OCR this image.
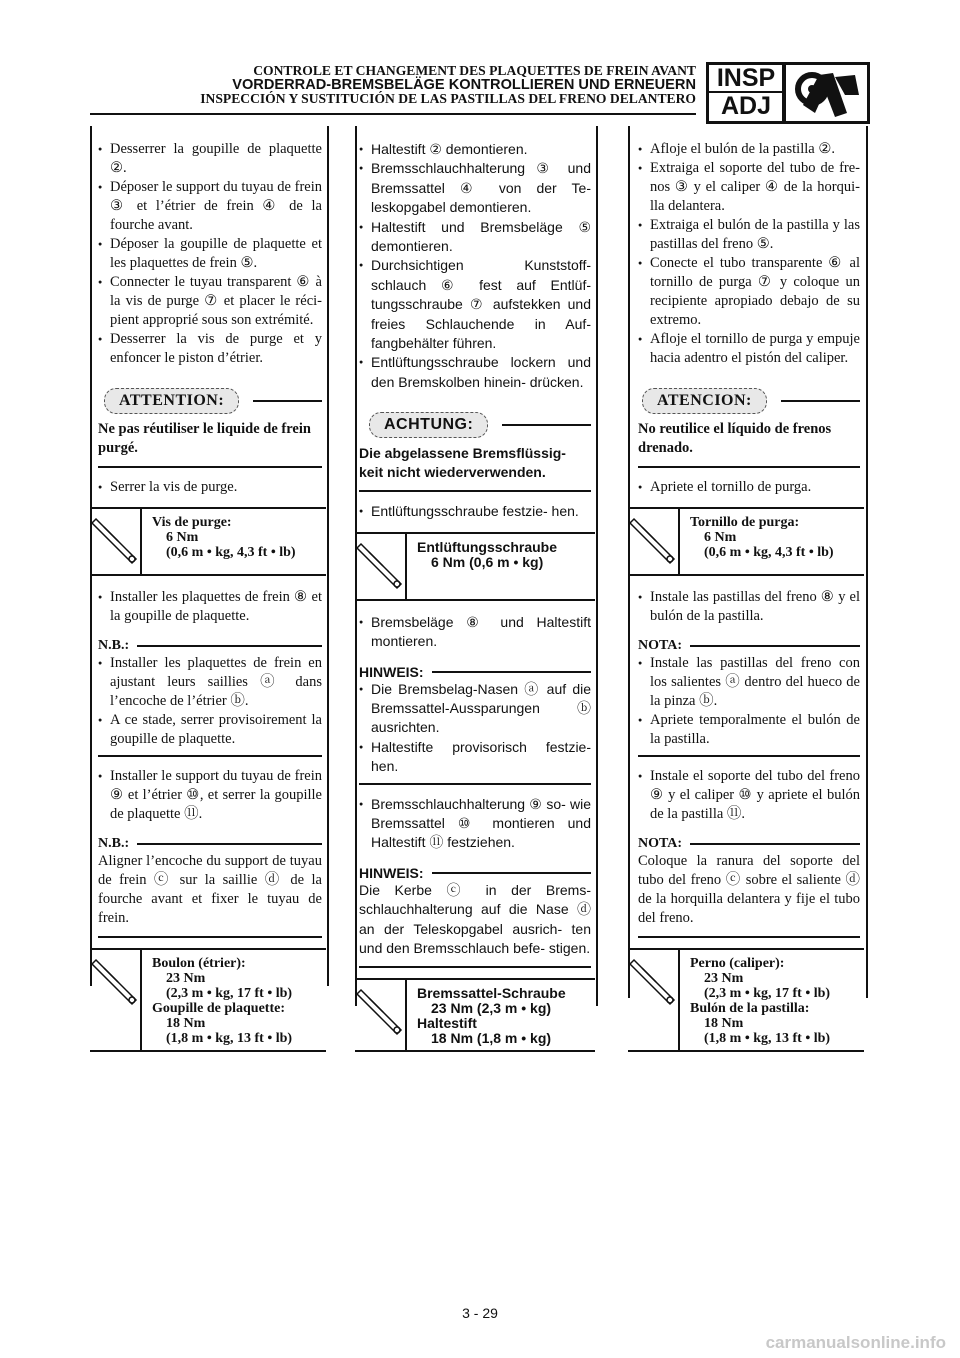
CONTROLE ET CHANGEMENT DES PLAQUETTES DE FREIN AVANT
VORDERRAD-BREMSBELÄGE KONTROLLIEREN UND ERNEUERN
INSPECCIÓN Y SUSTITUCIÓN DE LAS PASTILLAS DEL FRENO DELANTERO
INSP
ADJ
● Desserrer la goupille de plaquette ②.
● Déposer le support du tuyau de frein ③ et l’étrier de frein ④ de la fourche avant.
● Déposer la goupille de plaquette et les plaquettes de frein ⑤.
● Connecter le tuyau transparent ⑥ à la vis de purge ⑦ et placer le réci- pient approprié sous son extrémité.
● Desserrer la vis de purge et y enfoncer le piston d’étrier.
ATTENTION:
Ne pas réutiliser le liquide de frein purgé.
● Serrer la vis de purge.
Vis de purge:
6 Nm
(0,6 m • kg, 4,3 ft • lb)
● Installer les plaquettes de frein ⑧ et la goupille de plaquette.
N.B.:
● Installer les plaquettes de frein en ajustant leurs saillies ⓐ dans l’encoche de l’étrier ⓑ.
● A ce stade, serrer provisoirement la goupille de plaquette.
● Installer le support du tuyau de frein ⑨ et l’étrier ⑩, et serrer la goupille de plaquette ⑪.
N.B.:
Aligner l’encoche du support de tuyau de frein ⓒ sur la saillie ⓓ de la fourche avant et fixer le tuyau de frein.
Boulon (étrier):
23 Nm
(2,3 m • kg, 17 ft • lb)
Goupille de plaquette:
18 Nm
(1,8 m • kg, 13 ft • lb)
● Haltestift ② demontieren.
● Bremsschlauchhalterung ③ und Bremssattel ④ von der Te- leskopgabel demontieren.
● Haltestift und Bremsbeläge ⑤ demontieren.
● Durchsichtigen Kunststoff- schlauch ⑥ fest auf Entlüf- tungsschraube ⑦ aufstekken und freies Schlauchende in Auf- fangbehälter führen.
● Entlüftungsschraube lockern und den Bremskolben hinein- drücken.
ACHTUNG:
Die abgelassene Bremsflüssig- keit nicht wiederverwenden.
● Entlüftungsschraube festzie- hen.
Entlüftungsschraube
6 Nm (0,6 m • kg)
● Bremsbeläge ⑧ und Haltestift montieren.
HINWEIS:
● Die Bremsbelag-Nasen ⓐ auf die Bremssattel-Aussparungen ⓑ ausrichten.
● Haltestifte provisorisch festzie- hen.
● Bremsschlauchhalterung ⑨ so- wie Bremssattel ⑩ montieren und Haltestift ⑪ festziehen.
HINWEIS:
Die Kerbe ⓒ in der Brems- schlauchhalterung auf die Nase ⓓ an der Teleskopgabel ausrich- ten und den Bremsschlauch befe- stigen.
Bremssattel-Schraube
23 Nm (2,3 m • kg)
Haltestift
18 Nm (1,8 m • kg)
● Afloje el bulón de la pastilla ②.
● Extraiga el soporte del tubo de fre- nos ③ y el caliper ④ de la horqui- lla delantera.
● Extraiga el bulón de la pastilla y las pastillas del freno ⑤.
● Conecte el tubo transparente ⑥ al tornillo de purga ⑦ y coloque un recipiente apropiado debajo de su extremo.
● Afloje el tornillo de purga y empuje hacia adentro el pistón del caliper.
ATENCION:
No reutilice el líquido de frenos drenado.
● Apriete el tornillo de purga.
Tornillo de purga:
6 Nm
(0,6 m • kg, 4,3 ft • lb)
● Instale las pastillas del freno ⑧ y el bulón de la pastilla.
NOTA:
● Instale las pastillas del freno con los salientes ⓐ dentro del hueco de la pinza ⓑ.
● Apriete temporalmente el bulón de la pastilla.
● Instale el soporte del tubo del freno ⑨ y el caliper ⑩ y apriete el bulón de la pastilla ⑪.
NOTA:
Coloque la ranura del soporte del tubo del freno ⓒ sobre el saliente ⓓ de la horquilla delantera y fije el tubo del freno.
Perno (caliper):
23 Nm
(2,3 m • kg, 17 ft • lb)
Bulón de la pastilla:
18 Nm
(1,8 m • kg, 13 ft • lb)
3 - 29
carmanualsonline.info
